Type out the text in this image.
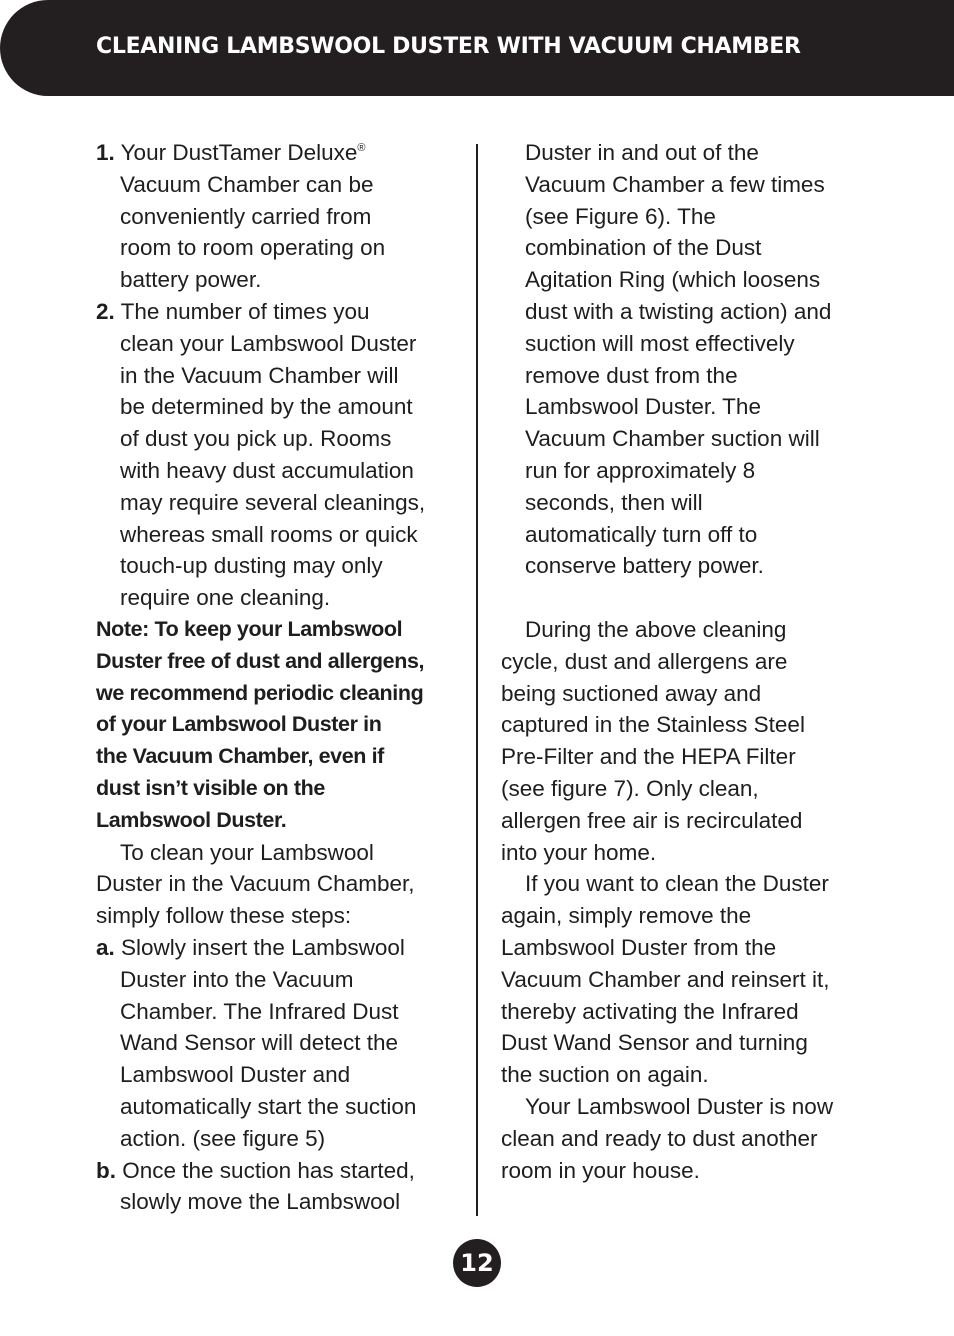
CLEANING LAMBSWOOL DUSTER WITH VACUUM CHAMBER
1. Your DustTamer Deluxe®
Vacuum Chamber can be
conveniently carried from
room to room operating on
battery power.
2. The number of times you
clean your Lambswool Duster
in the Vacuum Chamber will
be determined by the amount
of dust you pick up. Rooms
with heavy dust accumulation
may require several cleanings,
whereas small rooms or quick
touch-up dusting may only
require one cleaning.
Note: To keep your Lambswool
Duster free of dust and allergens,
we recommend periodic cleaning
of your Lambswool Duster in
the Vacuum Chamber, even if
dust isn’t visible on the
Lambswool Duster.
To clean your Lambswool
Duster in the Vacuum Chamber,
simply follow these steps:
a. Slowly insert the Lambswool
Duster into the Vacuum
Chamber. The Infrared Dust
Wand Sensor will detect the
Lambswool Duster and
automatically start the suction
action. (see figure 5)
b. Once the suction has started,
slowly move the Lambswool
Duster in and out of the
Vacuum Chamber a few times
(see Figure 6). The
combination of the Dust
Agitation Ring (which loosens
dust with a twisting action) and
suction will most effectively
remove dust from the
Lambswool Duster. The
Vacuum Chamber suction will
run for approximately 8
seconds, then will
automatically turn off to
conserve battery power.
During the above cleaning
cycle, dust and allergens are
being suctioned away and
captured in the Stainless Steel
Pre-Filter and the HEPA Filter
(see figure 7). Only clean,
allergen free air is recirculated
into your home.
If you want to clean the Duster
again, simply remove the
Lambswool Duster from the
Vacuum Chamber and reinsert it,
thereby activating the Infrared
Dust Wand Sensor and turning
the suction on again.
Your Lambswool Duster is now
clean and ready to dust another
room in your house.
12
